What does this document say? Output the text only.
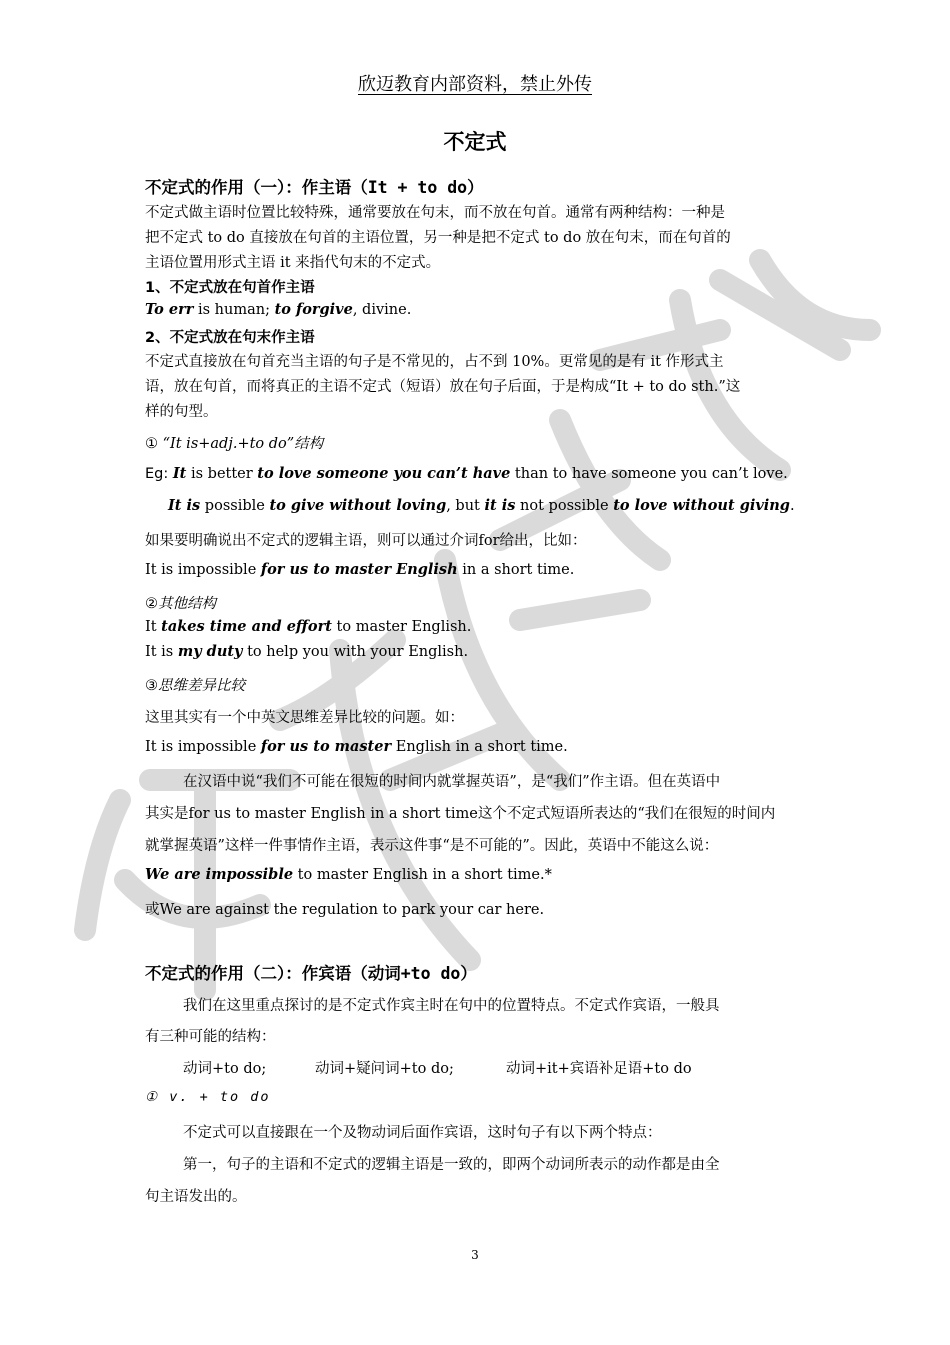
欣迈教育内部资料，禁止外传
不定式
不定式的作用（一）：作主语（It + to do）
不定式做主语时位置比较特殊，通常要放在句末，而不放在句首。通常有两种结构：一种是
把不定式 to do 直接放在句首的主语位置，另一种是把不定式 to do 放在句末，而在句首的
主语位置用形式主语 it 来指代句末的不定式。
1、不定式放在句首作主语
To err is human; to forgive, divine.
2、不定式放在句末作主语
不定式直接放在句首充当主语的句子是不常见的，占不到 10%。更常见的是有 it 作形式主
语，放在句首，而将真正的主语不定式（短语）放在句子后面，于是构成“It + to do sth.”这
样的句型。
① “It is+adj.+to do”结构
Eg: It is better to love someone you can’t have than to have someone you can’t love.
It is possible to give without loving, but it is not possible to love without giving.
如果要明确说出不定式的逻辑主语，则可以通过介词for给出，比如：
It is impossible for us to master English in a short time.
②其他结构
It takes time and effort to master English.
It is my duty to help you with your English.
③思维差异比较
这里其实有一个中英文思维差异比较的问题。如：
It is impossible for us to master English in a short time.
在汉语中说“我们不可能在很短的时间内就掌握英语”，是“我们”作主语。但在英语中
其实是for us to master English in a short time这个不定式短语所表达的“我们在很短的时间内
就掌握英语”这样一件事情作主语，表示这件事“是不可能的”。因此，英语中不能这么说：
We are impossible to master English in a short time.*
或We are against the regulation to park your car here.
不定式的作用（二）：作宾语（动词+to do）
我们在这里重点探讨的是不定式作宾主时在句中的位置特点。不定式作宾语，一般具
有三种可能的结构：
动词+to do;	动词+疑问词+to do;	动词+it+宾语补足语+to do
① v. + to do
不定式可以直接跟在一个及物动词后面作宾语，这时句子有以下两个特点：
第一，句子的主语和不定式的逻辑主语是一致的，即两个动词所表示的动作都是由全
句主语发出的。
3
